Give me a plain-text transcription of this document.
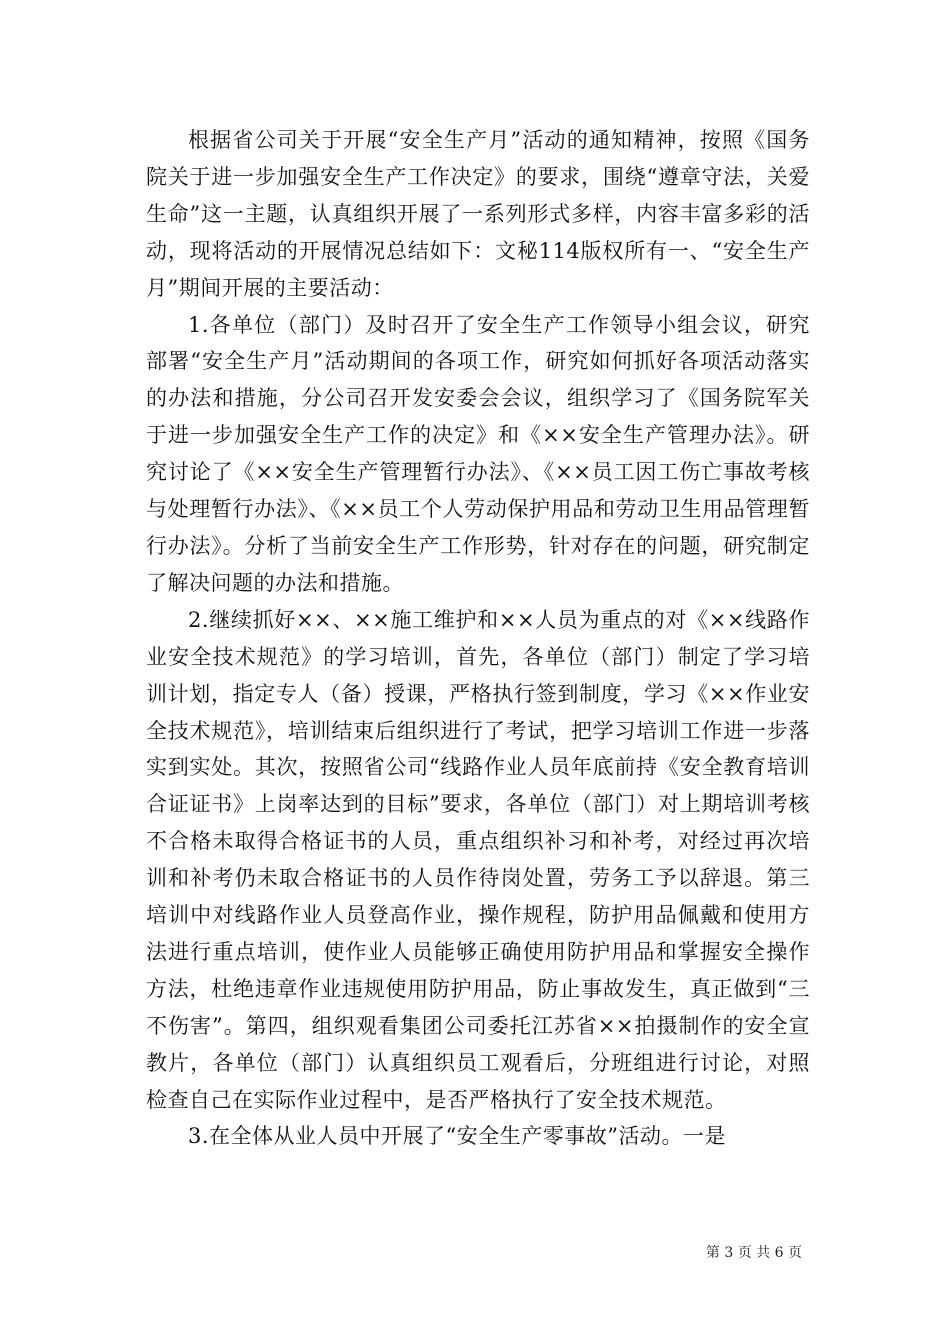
根据省公司关于开展“安全生产月”活动的通知精神，按照《国务院关于进一步加强安全生产工作决定》的要求，围绕“遵章守法，关爱生命”这一主题，认真组织开展了一系列形式多样，内容丰富多彩的活动，现将活动的开展情况总结如下：文秘114版权所有一、“安全生产月”期间开展的主要活动：

1.各单位（部门）及时召开了安全生产工作领导小组会议，研究部署“安全生产月”活动期间的各项工作，研究如何抓好各项活动落实的办法和措施，分公司召开发安委会会议，组织学习了《国务院军关于进一步加强安全生产工作的决定》和《××安全生产管理办法》。研究讨论了《××安全生产管理暂行办法》、《××员工因工伤亡事故考核与处理暂行办法》、《××员工个人劳动保护用品和劳动卫生用品管理暂行办法》。分析了当前安全生产工作形势，针对存在的问题，研究制定了解决问题的办法和措施。

2.继续抓好××、××施工维护和××人员为重点的对《××线路作业安全技术规范》的学习培训，首先，各单位（部门）制定了学习培训计划，指定专人（备）授课，严格执行签到制度，学习《××作业安全技术规范》，培训结束后组织进行了考试，把学习培训工作进一步落实到实处。其次，按照省公司“线路作业人员年底前持《安全教育培训合证证书》上岗率达到的目标”要求，各单位（部门）对上期培训考核不合格未取得合格证书的人员，重点组织补习和补考，对经过再次培训和补考仍未取合格证书的人员作待岗处置，劳务工予以辞退。第三培训中对线路作业人员登高作业，操作规程，防护用品佩戴和使用方法进行重点培训，使作业人员能够正确使用防护用品和掌握安全操作方法，杜绝违章作业违规使用防护用品，防止事故发生，真正做到“三不伤害”。第四，组织观看集团公司委托江苏省××拍摄制作的安全宣教片，各单位（部门）认真组织员工观看后，分班组进行讨论，对照检查自己在实际作业过程中，是否严格执行了安全技术规范。

3.在全体从业人员中开展了“安全生产零事故”活动。一是

第 3 页 共 6 页
